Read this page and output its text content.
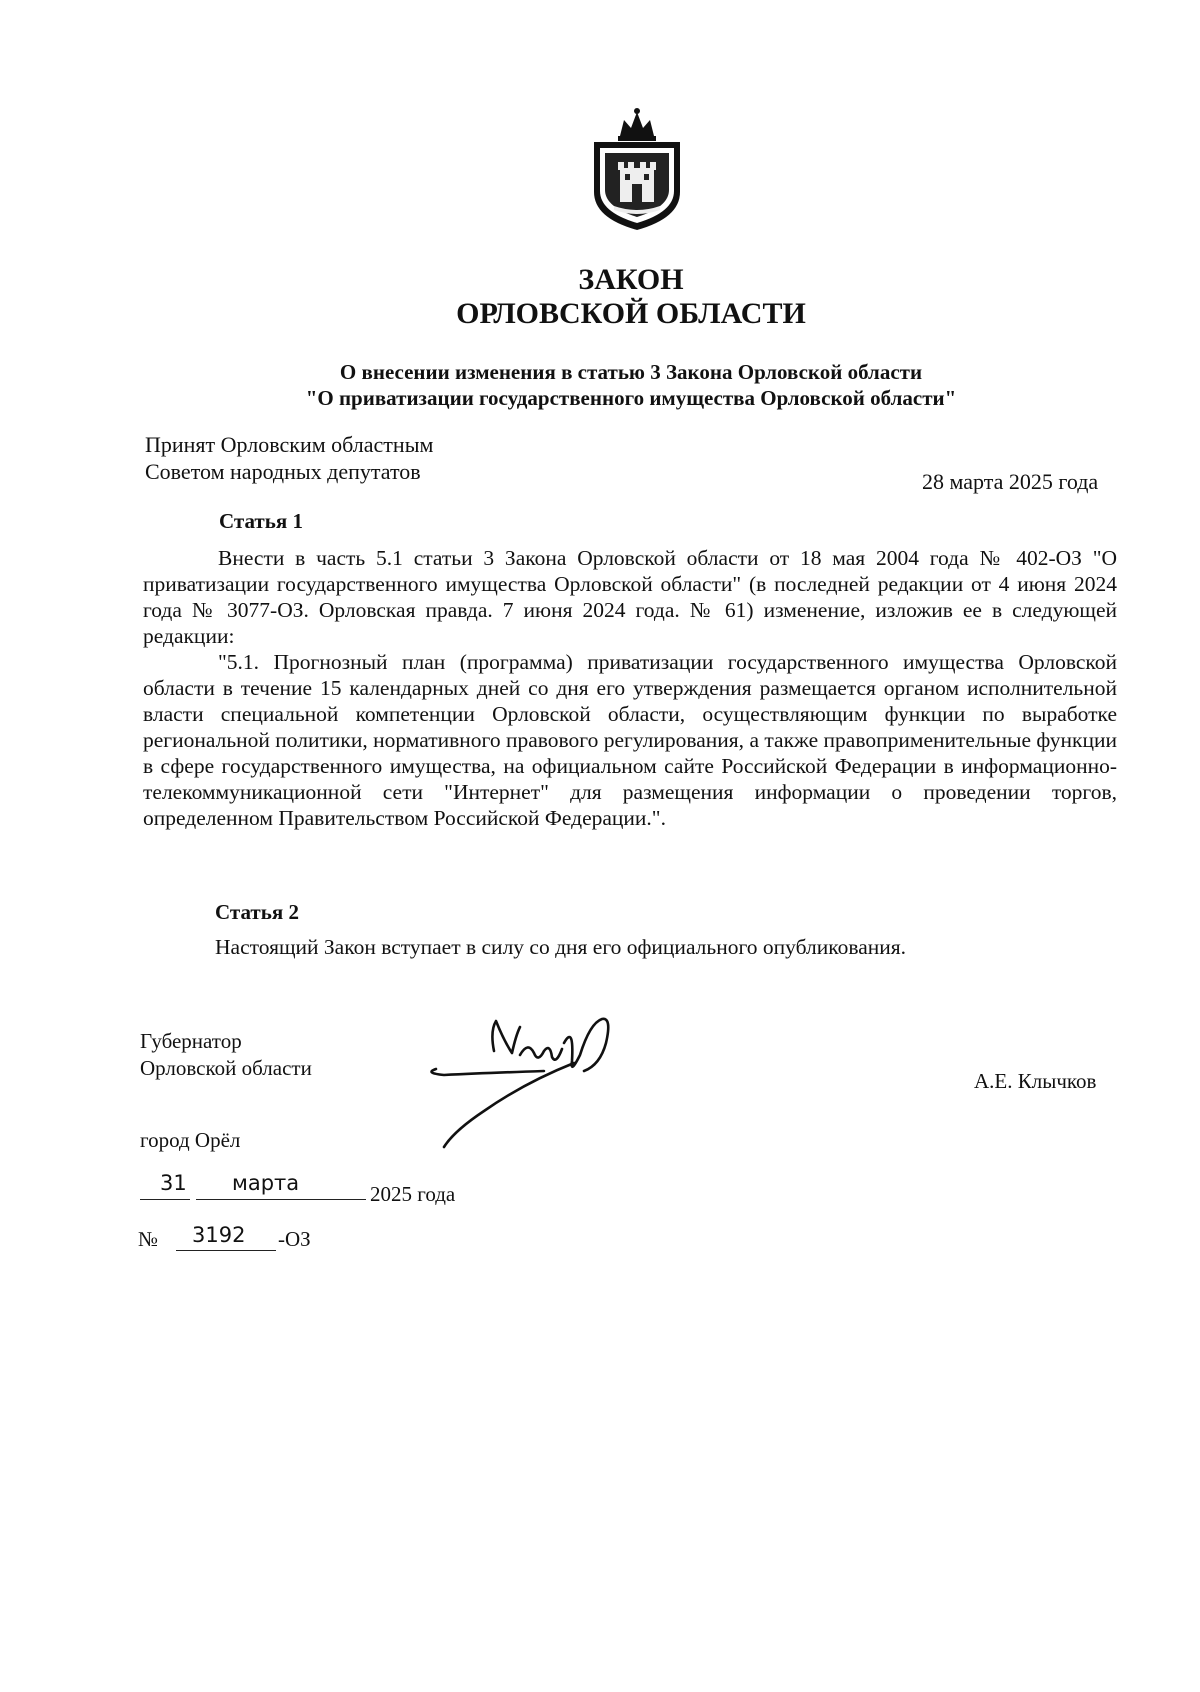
ЗАКОН
ОРЛОВСКОЙ ОБЛАСТИ
О внесении изменения в статью 3 Закона Орловской области
"О приватизации государственного имущества Орловской области"
Принят Орловским областным
Советом народных депутатов	28 марта 2025 года
Статья 1

Внести в часть 5.1 статьи 3 Закона Орловской области от 18 мая 2004 года № 402-ОЗ "О приватизации государственного имущества Орловской области" (в последней редакции от 4 июня 2024 года № 3077-ОЗ. Орловская правда. 7 июня 2024 года. № 61) изменение, изложив ее в следующей редакции:

"5.1. Прогнозный план (программа) приватизации государственного имущества Орловской области в течение 15 календарных дней со дня его утверждения размещается органом исполнительной власти специальной компетенции Орловской области, осуществляющим функции по выработке региональной политики, нормативного правового регулирования, а также правоприменительные функции в сфере государственного имущества, на официальном сайте Российской Федерации в информационно-телекоммуникационной сети "Интернет" для размещения информации о проведении торгов, определенном Правительством Российской Федерации.".

Статья 2
Настоящий Закон вступает в силу со дня его официального опубликования.
Губернатор
Орловской области
А.Е. Клычков
город Орёл
31 марта	2025 года
№ 3192 -ОЗ
